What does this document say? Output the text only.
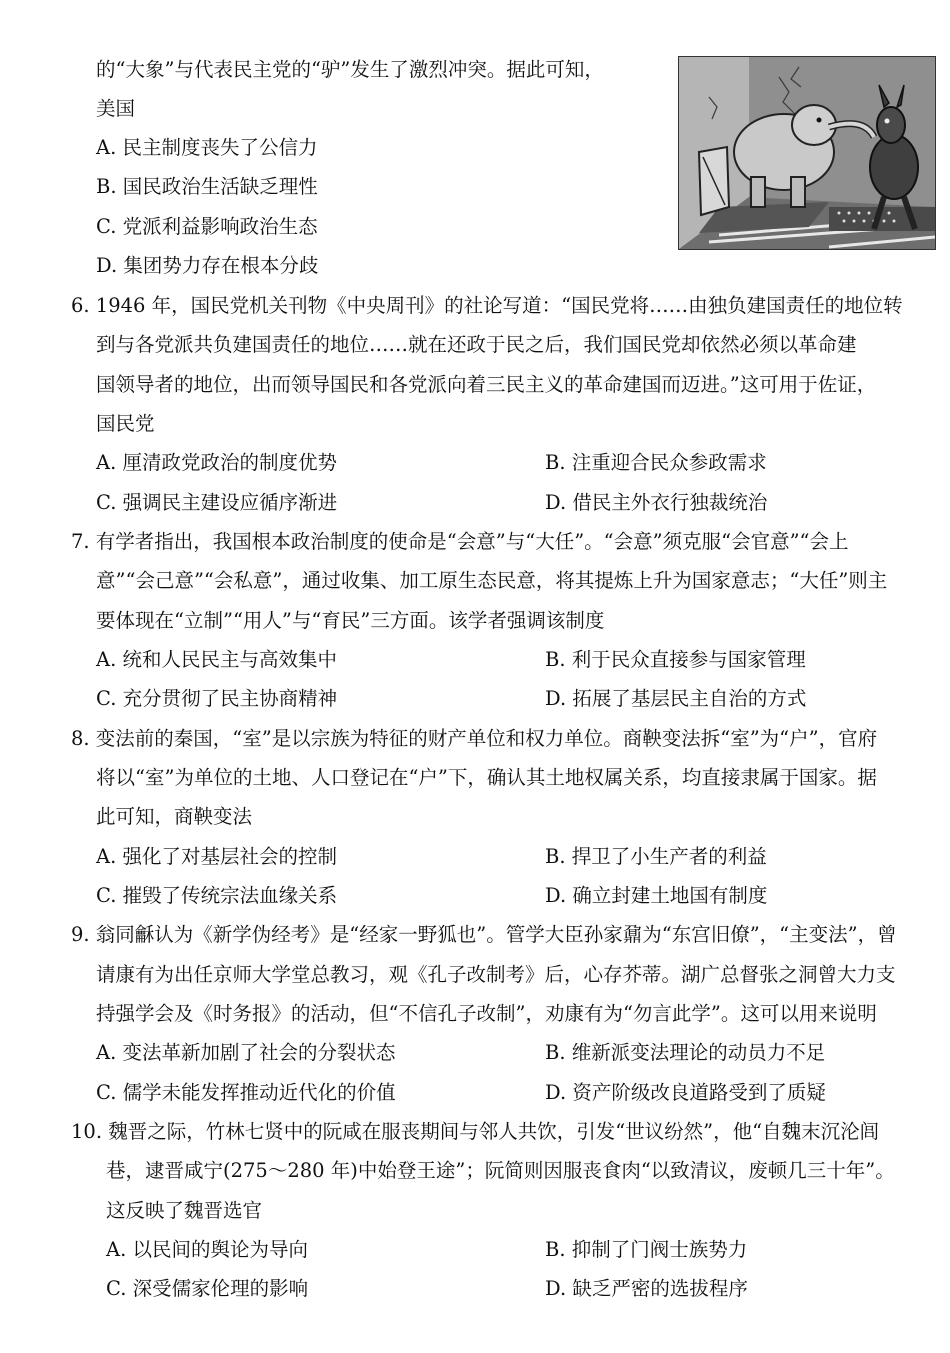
的“大象”与代表民主党的“驴”发生了激烈冲突。据此可知，
美国
A. 民主制度丧失了公信力
B. 国民政治生活缺乏理性
C. 党派利益影响政治生态
D. 集团势力存在根本分歧
6. 1946 年，国民党机关刊物《中央周刊》的社论写道：“国民党将……由独负建国责任的地位转
到与各党派共负建国责任的地位……就在还政于民之后，我们国民党却依然必须以革命建
国领导者的地位，出而领导国民和各党派向着三民主义的革命建国而迈进。”这可用于佐证，
国民党
A. 厘清政党政治的制度优势	B. 注重迎合民众参政需求
C. 强调民主建设应循序渐进	D. 借民主外衣行独裁统治
7. 有学者指出，我国根本政治制度的使命是“会意”与“大任”。“会意”须克服“会官意”“会上
意”“会己意”“会私意”，通过收集、加工原生态民意，将其提炼上升为国家意志；“大任”则主
要体现在“立制”“用人”与“育民”三方面。该学者强调该制度
A. 统和人民民主与高效集中	B. 利于民众直接参与国家管理
C. 充分贯彻了民主协商精神	D. 拓展了基层民主自治的方式
8. 变法前的秦国，“室”是以宗族为特征的财产单位和权力单位。商鞅变法拆“室”为“户”，官府
将以“室”为单位的土地、人口登记在“户”下，确认其土地权属关系，均直接隶属于国家。据
此可知，商鞅变法
A. 强化了对基层社会的控制	B. 捍卫了小生产者的利益
C. 摧毁了传统宗法血缘关系	D. 确立封建土地国有制度
9. 翁同龢认为《新学伪经考》是“经家一野狐也”。管学大臣孙家鼐为“东宫旧僚”，“主变法”，曾
请康有为出任京师大学堂总教习，观《孔子改制考》后，心存芥蒂。湖广总督张之洞曾大力支
持强学会及《时务报》的活动，但“不信孔子改制”，劝康有为“勿言此学”。这可以用来说明
A. 变法革新加剧了社会的分裂状态	B. 维新派变法理论的动员力不足
C. 儒学未能发挥推动近代化的价值	D. 资产阶级改良道路受到了质疑
10. 魏晋之际，竹林七贤中的阮咸在服丧期间与邻人共饮，引发“世议纷然”，他“自魏末沉沦闾
巷，逮晋咸宁(275～280 年)中始登王途”；阮简则因服丧食肉“以致清议，废顿几三十年”。
这反映了魏晋选官
A. 以民间的舆论为导向	B. 抑制了门阀士族势力
C. 深受儒家伦理的影响	D. 缺乏严密的选拔程序
